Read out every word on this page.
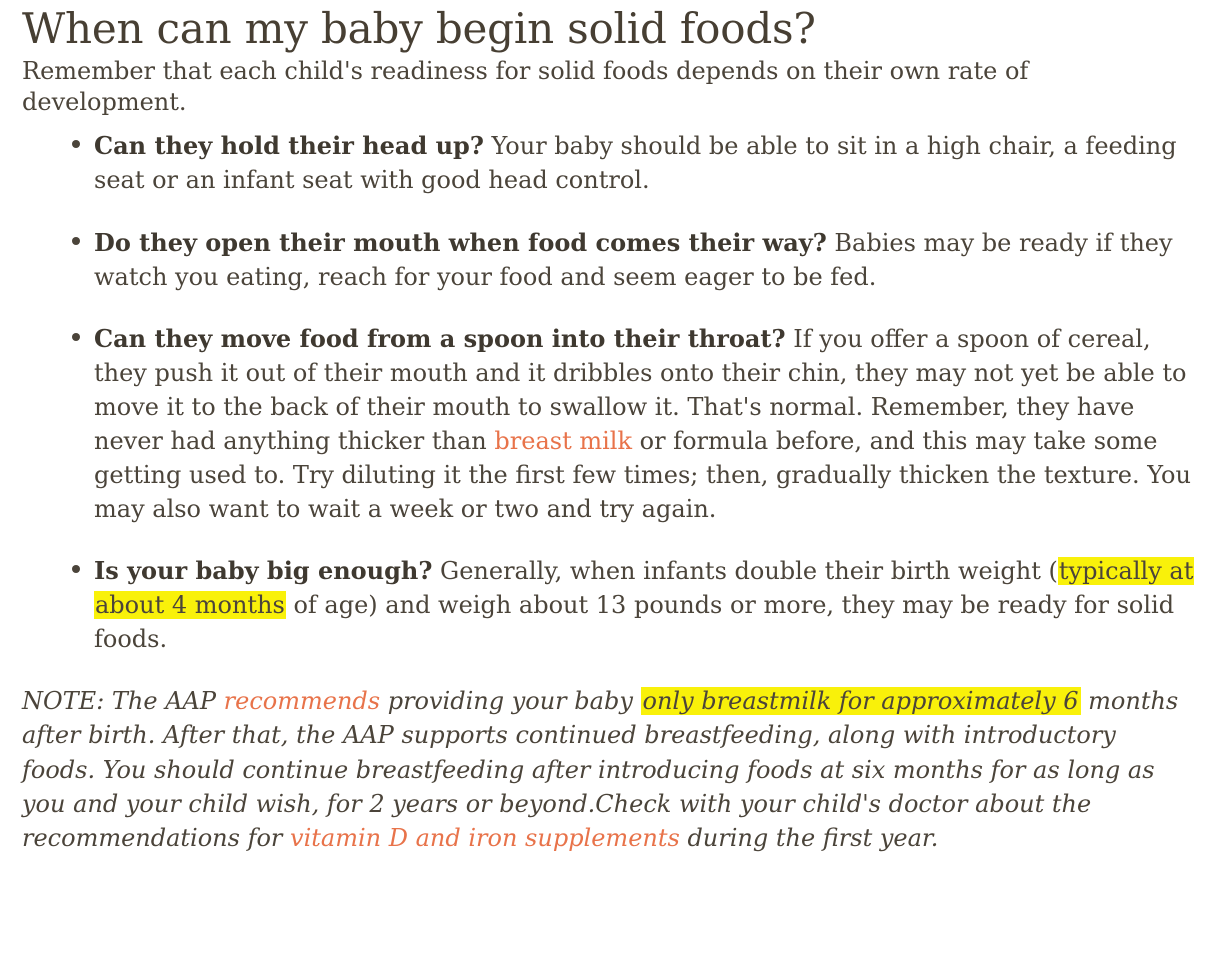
When can my baby begin solid foods?

Remember that each child's readiness for solid foods depends on their own rate of development.

Can they hold their head up? Your baby should be able to sit in a high chair, a feeding seat or an infant seat with good head control.
Do they open their mouth when food comes their way? Babies may be ready if they watch you eating, reach for your food and seem eager to be fed.
Can they move food from a spoon into their throat? If you offer a spoon of cereal, they push it out of their mouth and it dribbles onto their chin, they may not yet be able to move it to the back of their mouth to swallow it. That's normal. Remember, they have never had anything thicker than breast milk or formula before, and this may take some getting used to. Try diluting it the first few times; then, gradually thicken the texture. You may also want to wait a week or two and try again.
Is your baby big enough? Generally, when infants double their birth weight (typically at about 4 months of age) and weigh about 13 pounds or more, they may be ready for solid foods.

NOTE: The AAP recommends providing your baby only breastmilk for approximately 6 months after birth. After that, the AAP supports continued breastfeeding, along with introductory foods. You should continue breastfeeding after introducing foods at six months for as long as you and your child wish, for 2 years or beyond.Check with your child's doctor about the recommendations for vitamin D and iron supplements during the first year.
